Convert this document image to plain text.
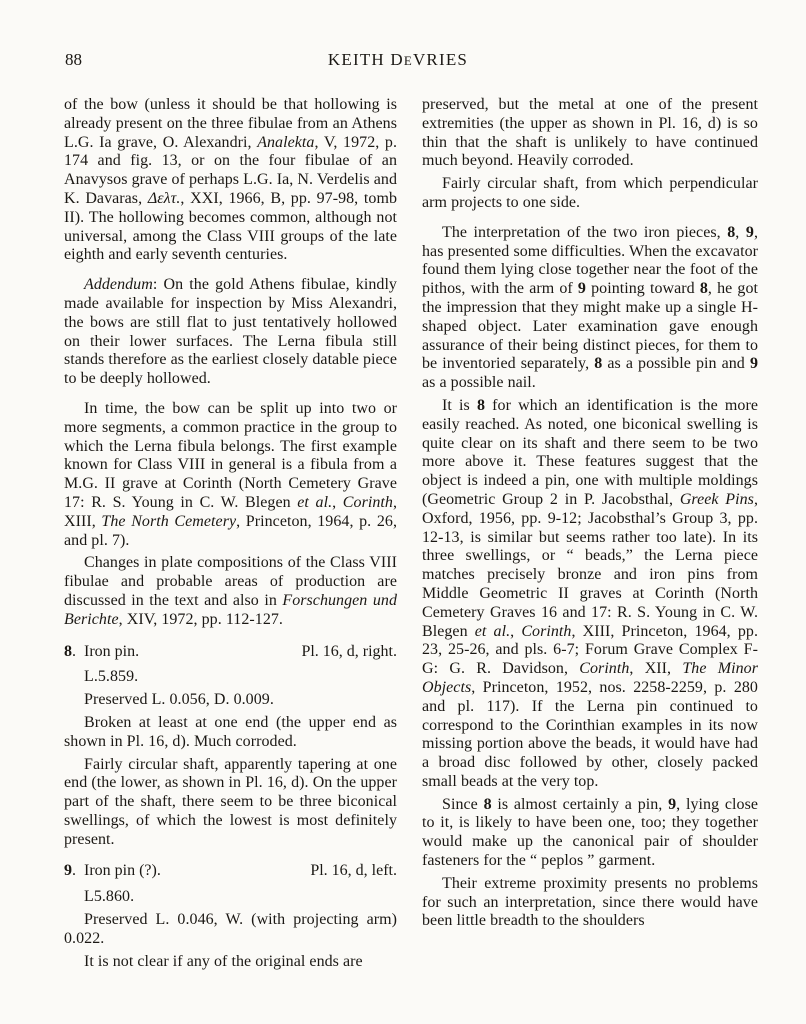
88	KEITH DEVRIES

of the bow (unless it should be that hollowing is already present on the three fibulae from an Athens L.G. Ia grave, O. Alexandri, Analekta, V, 1972, p. 174 and fig. 13, or on the four fibulae of an Anavysos grave of perhaps L.G. Ia, N. Verdelis and K. Davaras, Δελτ., XXI, 1966, B, pp. 97-98, tomb II). The hollowing becomes common, although not universal, among the Class VIII groups of the late eighth and early seventh centuries.

Addendum: On the gold Athens fibulae, kindly made available for inspection by Miss Alexandri, the bows are still flat to just tentatively hollowed on their lower surfaces. The Lerna fibula still stands therefore as the earliest closely datable piece to be deeply hollowed.

In time, the bow can be split up into two or more segments, a common practice in the group to which the Lerna fibula belongs. The first example known for Class VIII in general is a fibula from a M.G. II grave at Corinth (North Cemetery Grave 17: R. S. Young in C. W. Blegen et al., Corinth, XIII, The North Cemetery, Princeton, 1964, p. 26, and pl. 7).

Changes in plate compositions of the Class VIII fibulae and probable areas of production are discussed in the text and also in Forschungen und Berichte, XIV, 1972, pp. 112-127.

8. Iron pin.	Pl. 16, d, right.

L.5.859.

Preserved L. 0.056, D. 0.009.

Broken at least at one end (the upper end as shown in Pl. 16, d). Much corroded.

Fairly circular shaft, apparently tapering at one end (the lower, as shown in Pl. 16, d). On the upper part of the shaft, there seem to be three biconical swellings, of which the lowest is most definitely present.

9. Iron pin (?).	Pl. 16, d, left.

L5.860.

Preserved L. 0.046, W. (with projecting arm) 0.022.

It is not clear if any of the original ends are

preserved, but the metal at one of the present extremities (the upper as shown in Pl. 16, d) is so thin that the shaft is unlikely to have continued much beyond. Heavily corroded.

Fairly circular shaft, from which perpendicular arm projects to one side.

The interpretation of the two iron pieces, 8, 9, has presented some difficulties. When the excavator found them lying close together near the foot of the pithos, with the arm of 9 pointing toward 8, he got the impression that they might make up a single H-shaped object. Later examination gave enough assurance of their being distinct pieces, for them to be inventoried separately, 8 as a possible pin and 9 as a possible nail.

It is 8 for which an identification is the more easily reached. As noted, one biconical swelling is quite clear on its shaft and there seem to be two more above it. These features suggest that the object is indeed a pin, one with multiple moldings (Geometric Group 2 in P. Jacobsthal, Greek Pins, Oxford, 1956, pp. 9-12; Jacobsthal’s Group 3, pp. 12-13, is similar but seems rather too late). In its three swellings, or “ beads,” the Lerna piece matches precisely bronze and iron pins from Middle Geometric II graves at Corinth (North Cemetery Graves 16 and 17: R. S. Young in C. W. Blegen et al., Corinth, XIII, Princeton, 1964, pp. 23, 25-26, and pls. 6-7; Forum Grave Complex F-G: G. R. Davidson, Corinth, XII, The Minor Objects, Princeton, 1952, nos. 2258-2259, p. 280 and pl. 117). If the Lerna pin continued to correspond to the Corinthian examples in its now missing portion above the beads, it would have had a broad disc followed by other, closely packed small beads at the very top.

Since 8 is almost certainly a pin, 9, lying close to it, is likely to have been one, too; they together would make up the canonical pair of shoulder fasteners for the “ peplos ” garment.

Their extreme proximity presents no problems for such an interpretation, since there would have been little breadth to the shoulders
